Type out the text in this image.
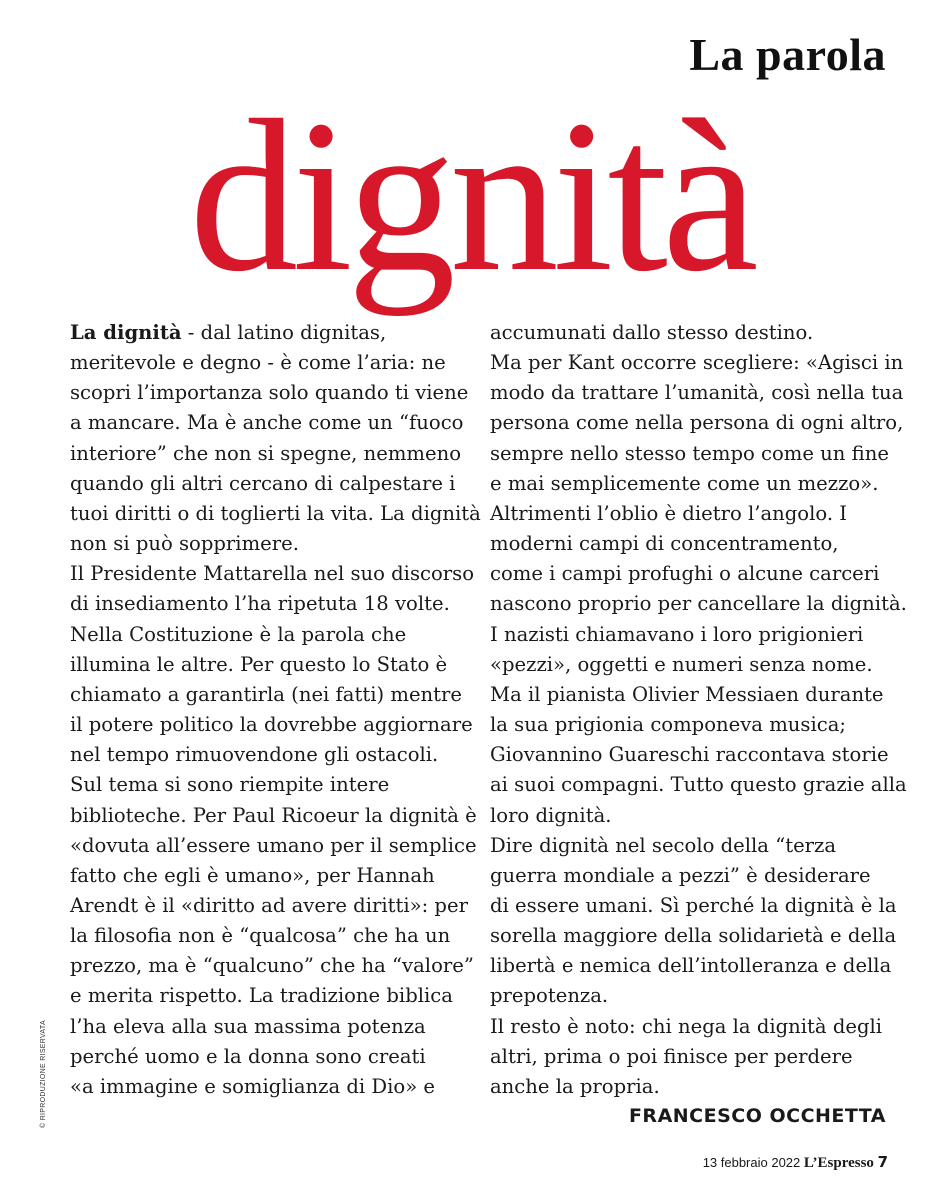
La parola
dignità
La dignità - dal latino dignitas,
meritevole e degno - è come l’aria: ne
scopri l’importanza solo quando ti viene
a mancare. Ma è anche come un “fuoco
interiore” che non si spegne, nemmeno
quando gli altri cercano di calpestare i
tuoi diritti o di toglierti la vita. La dignità
non si può sopprimere.
Il Presidente Mattarella nel suo discorso
di insediamento l’ha ripetuta 18 volte.
Nella Costituzione è la parola che
illumina le altre. Per questo lo Stato è
chiamato a garantirla (nei fatti) mentre
il potere politico la dovrebbe aggiornare
nel tempo rimuovendone gli ostacoli.
Sul tema si sono riempite intere
biblioteche. Per Paul Ricoeur la dignità è
«dovuta all’essere umano per il semplice
fatto che egli è umano», per Hannah
Arendt è il «diritto ad avere diritti»: per
la filosofia non è “qualcosa” che ha un
prezzo, ma è “qualcuno” che ha “valore”
e merita rispetto. La tradizione biblica
l’ha eleva alla sua massima potenza
perché uomo e la donna sono creati
«a immagine e somiglianza di Dio» e
accumunati dallo stesso destino.
Ma per Kant occorre scegliere: «Agisci in
modo da trattare l’umanità, così nella tua
persona come nella persona di ogni altro,
sempre nello stesso tempo come un fine
e mai semplicemente come un mezzo».
Altrimenti l’oblio è dietro l’angolo. I
moderni campi di concentramento,
come i campi profughi o alcune carceri
nascono proprio per cancellare la dignità.
I nazisti chiamavano i loro prigionieri
«pezzi», oggetti e numeri senza nome.
Ma il pianista Olivier Messiaen durante
la sua prigionia componeva musica;
Giovannino Guareschi raccontava storie
ai suoi compagni. Tutto questo grazie alla
loro dignità.
Dire dignità nel secolo della “terza
guerra mondiale a pezzi” è desiderare
di essere umani. Sì perché la dignità è la
sorella maggiore della solidarietà e della
libertà e nemica dell’intolleranza e della
prepotenza.
Il resto è noto: chi nega la dignità degli
altri, prima o poi finisce per perdere
anche la propria.
FRANCESCO OCCHETTA
13 febbraio 2022 L’Espresso 7
© RIPRODUZIONE RISERVATA
